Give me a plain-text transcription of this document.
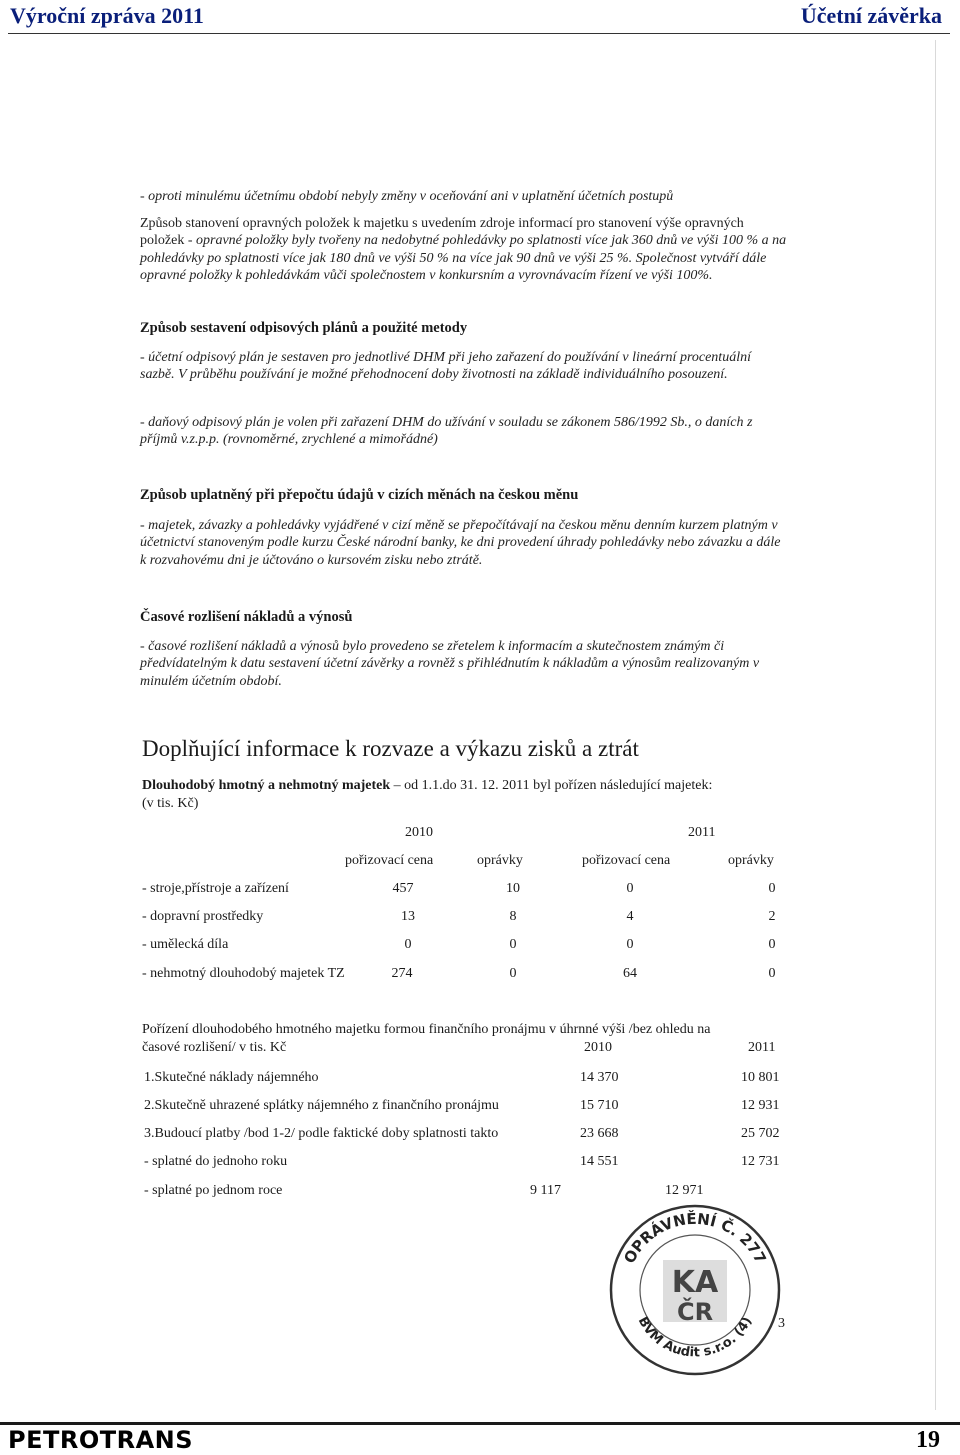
Výroční zpráva 2011	Účetní závěrka
- oproti minulému účetnímu období nebyly změny v oceňování ani v uplatnění účetních postupů
Způsob stanovení opravných položek k majetku s uvedením zdroje informací pro stanovení výše opravných položek - opravné položky byly tvořeny na nedobytné pohledávky po splatnosti více jak 360 dnů ve výši 100 % a na pohledávky po splatnosti více jak 180 dnů ve výši 50 % na více jak 90 dnů ve výši 25 %. Společnost vytváří dále opravné položky k pohledávkám vůči společnostem v konkursním a vyrovnávacím řízení ve výši 100%.
Způsob sestavení odpisových plánů a použité metody
- účetní odpisový plán je sestaven pro jednotlivé DHM při jeho zařazení do používání v lineární procentuální sazbě. V průběhu používání je možné přehodnocení doby životnosti na základě individuálního posouzení.
- daňový odpisový plán je volen při zařazení DHM do užívání v souladu se zákonem 586/1992 Sb., o daních z příjmů v.z.p.p. (rovnoměrné, zrychlené a mimořádné)
Způsob uplatněný při přepočtu údajů v cizích měnách na českou měnu
- majetek, závazky a pohledávky vyjádřené v cizí měně se přepočítávají na českou měnu denním kurzem platným v účetnictví stanoveným podle kurzu České národní banky, ke dni provedení úhrady pohledávky nebo závazku a dále k rozvahovému dni je účtováno o kursovém zisku nebo ztrátě.
Časové rozlišení nákladů a výnosů
- časové rozlišení nákladů a výnosů bylo provedeno se zřetelem k informacím a skutečnostem známým či předvídatelným k datu sestavení účetní závěrky a rovněž s přihlédnutím k nákladům a výnosům realizovaným v minulém účetním období.
Doplňující informace k rozvaze a výkazu zisků a ztrát
Dlouhodobý hmotný a nehmotný majetek – od 1.1.do 31. 12. 2011 byl pořízen následující majetek:
(v tis. Kč)
2010	2011
pořizovací cena	oprávky	pořizovací cena	oprávky
- stroje,přístroje a zařízení	457	10	0	0
- dopravní prostředky	13	8	4	2
- umělecká díla	0	0	0	0
- nehmotný dlouhodobý majetek TZ	274	0	64	0
Pořízení dlouhodobého hmotného majetku formou finančního pronájmu v úhrnné výši /bez ohledu na
časové rozlišení/ v tis. Kč	2010	2011
1.Skutečné náklady nájemného	14 370	10 801
2.Skutečně uhrazené splátky nájemného z finančního pronájmu	15 710	12 931
3.Budoucí platby /bod 1-2/ podle faktické doby splatnosti takto	23 668	25 702
- splatné do jednoho roku	14 551	12 731
- splatné po jednom roce	9 117	12 971
OPRÁVNĚNÍ Č. 277
BVM Audit s.r.o. (4)
KA
ČR	3
PETROTRANS	19
